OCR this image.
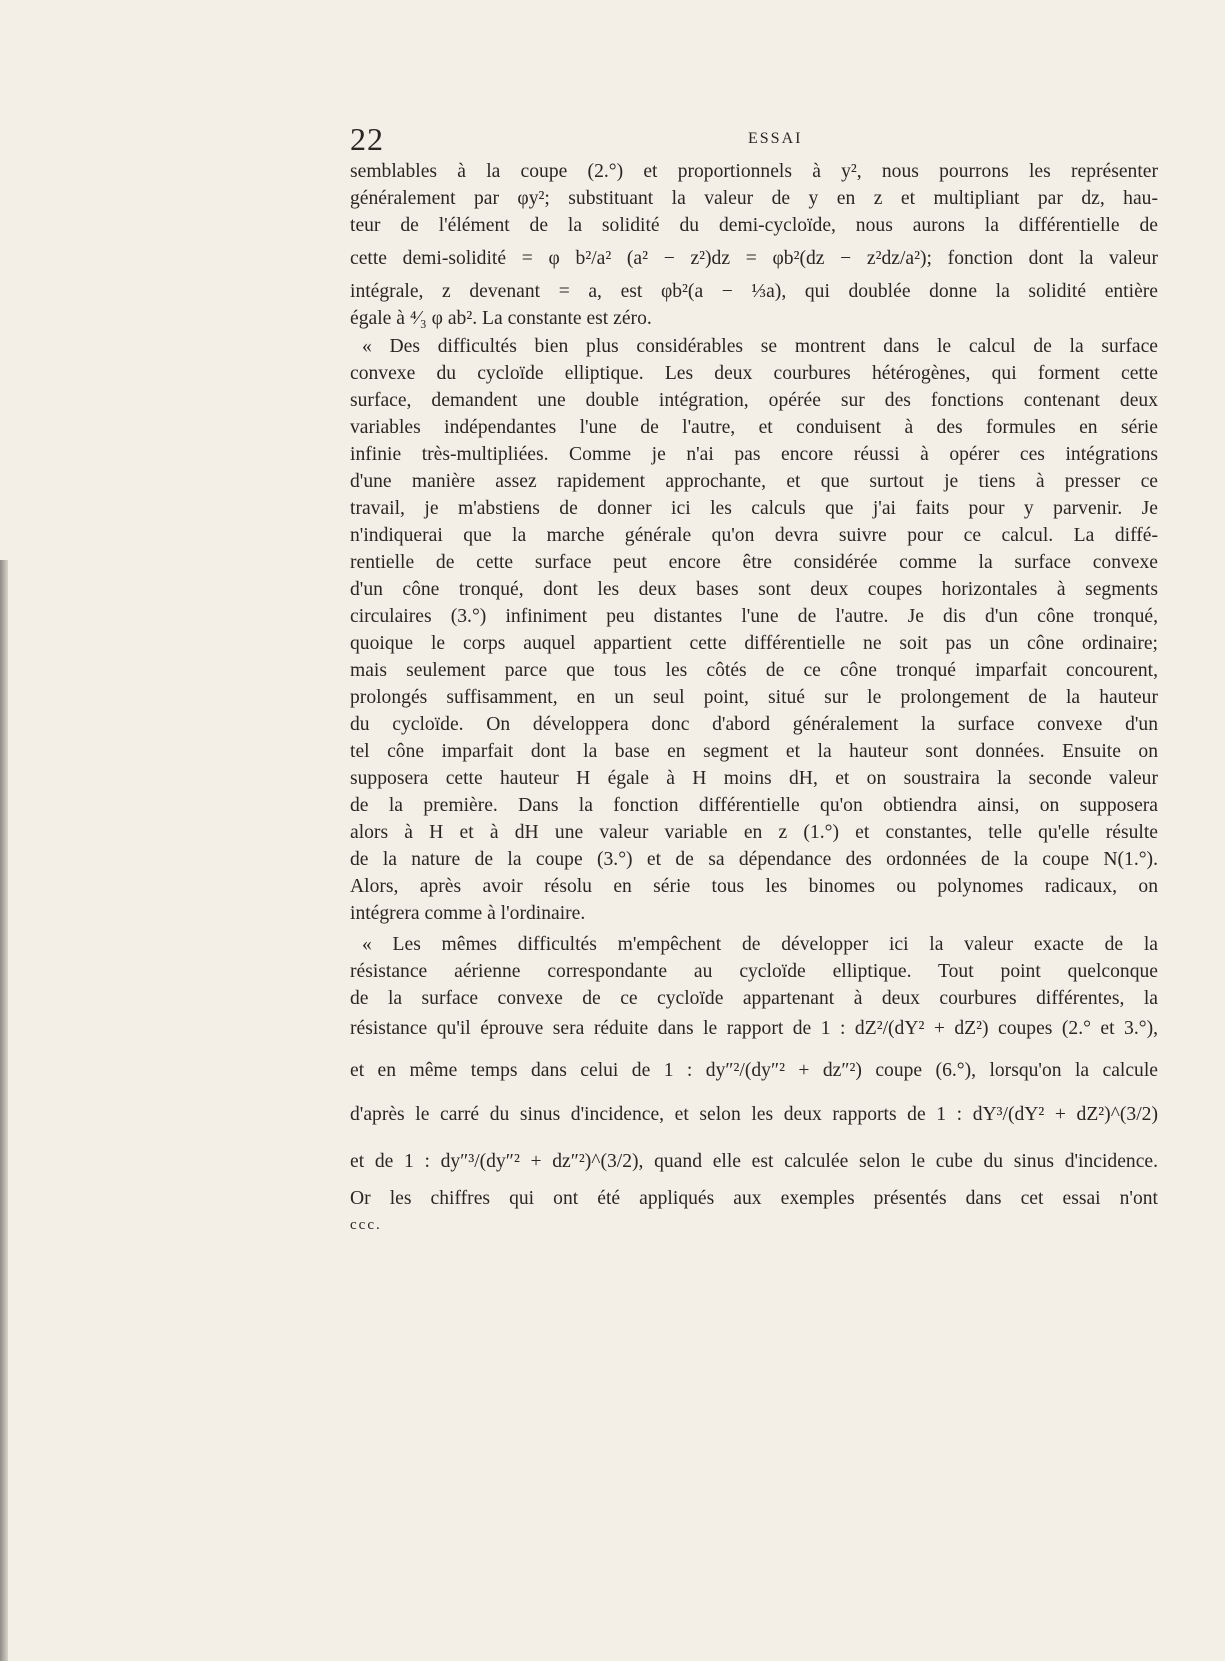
22	ESSAI
semblables à la coupe (2.°) et proportionnels à y², nous pourrons les représenter
généralement par φy²; substituant la valeur de y en z et multipliant par dz, hau-
teur de l'élément de la solidité du demi-cycloïde, nous aurons la différentielle de
cette demi-solidité = φ b²/a² (a² − z²)dz = φb²(dz − z²dz/a²); fonction dont la valeur
intégrale, z devenant = a, est φb²(a − ⅓a), qui doublée donne la solidité entière
égale à ⁴⁄₃ φ ab². La constante est zéro.
« Des difficultés bien plus considérables se montrent dans le calcul de la surface
convexe du cycloïde elliptique. Les deux courbures hétérogènes, qui forment cette
surface, demandent une double intégration, opérée sur des fonctions contenant deux
variables indépendantes l'une de l'autre, et conduisent à des formules en série
infinie très-multipliées. Comme je n'ai pas encore réussi à opérer ces intégrations
d'une manière assez rapidement approchante, et que surtout je tiens à presser ce
travail, je m'abstiens de donner ici les calculs que j'ai faits pour y parvenir. Je
n'indiquerai que la marche générale qu'on devra suivre pour ce calcul. La diffé-
rentielle de cette surface peut encore être considérée comme la surface convexe
d'un cône tronqué, dont les deux bases sont deux coupes horizontales à segments
circulaires (3.°) infiniment peu distantes l'une de l'autre. Je dis d'un cône tronqué,
quoique le corps auquel appartient cette différentielle ne soit pas un cône ordinaire;
mais seulement parce que tous les côtés de ce cône tronqué imparfait concourent,
prolongés suffisamment, en un seul point, situé sur le prolongement de la hauteur
du cycloïde. On développera donc d'abord généralement la surface convexe d'un
tel cône imparfait dont la base en segment et la hauteur sont données. Ensuite on
supposera cette hauteur H égale à H moins dH, et on soustraira la seconde valeur
de la première. Dans la fonction différentielle qu'on obtiendra ainsi, on supposera
alors à H et à dH une valeur variable en z (1.°) et constantes, telle qu'elle résulte
de la nature de la coupe (3.°) et de sa dépendance des ordonnées de la coupe N(1.°).
Alors, après avoir résolu en série tous les binomes ou polynomes radicaux, on
intégrera comme à l'ordinaire.
« Les mêmes difficultés m'empêchent de développer ici la valeur exacte de la
résistance aérienne correspondante au cycloïde elliptique. Tout point quelconque
de la surface convexe de ce cycloïde appartenant à deux courbures différentes, la
résistance qu'il éprouve sera réduite dans le rapport de 1 : dZ²/(dY² + dZ²) coupes (2.° et 3.°),
et en même temps dans celui de 1 : dy″²/(dy″² + dz″²) coupe (6.°), lorsqu'on la calcule
d'après le carré du sinus d'incidence, et selon les deux rapports de 1 : dY³/(dY² + dZ²)^(3/2)
et de 1 : dy″³/(dy″² + dz″²)^(3/2), quand elle est calculée selon le cube du sinus d'incidence.
Or les chiffres qui ont été appliqués aux exemples présentés dans cet essai n'ont
ccc.
